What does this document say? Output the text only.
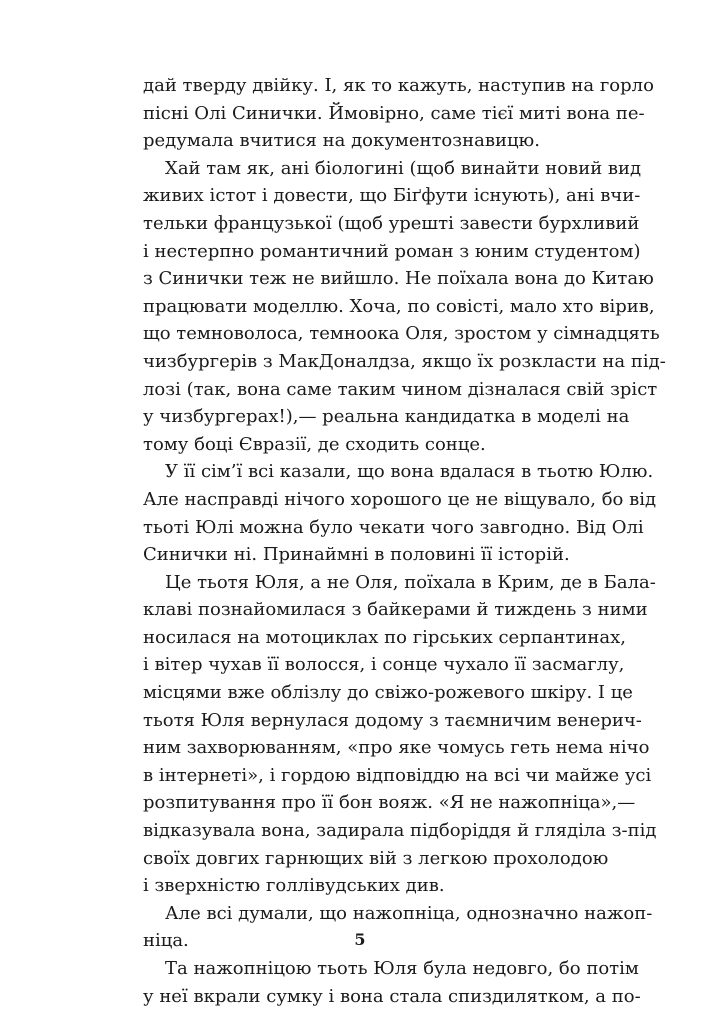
дай тверду двійку. І, як то кажуть, наступив на горло
пісні Олі Синички. Ймовірно, саме тієї миті вона пе-
редумала вчитися на документознавицю.
Хай там як, ані біологині (щоб винайти новий вид
живих істот і довести, що Біґфути існують), ані вчи-
тельки французької (щоб урешті завести бурхливий
і нестерпно романтичний роман з юним студентом)
з Синички теж не вийшло. Не поїхала вона до Китаю
працювати моделлю. Хоча, по совісті, мало хто вірив,
що темноволоса, темноока Оля, зростом у сімнадцять
чизбургерів з МакДоналдза, якщо їх розкласти на під-
лозі (так, вона саме таким чином дізналася свій зріст
у чизбургерах!),— реальна кандидатка в моделі на
тому боці Євразії, де сходить сонце.
У її сім’ї всі казали, що вона вдалася в тьотю Юлю.
Але насправді нічого хорошого це не віщувало, бо від
тьоті Юлі можна було чекати чого завгодно. Від Олі
Синички ні. Принаймні в половині її історій.
Це тьотя Юля, а не Оля, поїхала в Крим, де в Бала-
клаві познайомилася з байкерами й тиждень з ними
носилася на мотоциклах по гірських серпантинах,
і вітер чухав її волосся, і сонце чухало її засмаглу,
місцями вже облізлу до свіжо-рожевого шкіру. І це
тьотя Юля вернулася додому з таємничим венерич-
ним захворюванням, «про яке чомусь геть нема нічо
в інтернеті», і гордою відповіддю на всі чи майже усі
розпитування про її бон вояж. «Я не нажопніца»,—
відказувала вона, задирала підборіддя й гляділа з-під
своїх довгих гарнющих вій з легкою прохолодою
і зверхністю голлівудських див.
Але всі думали, що нажопніца, однозначно нажоп-
ніца.
Та нажопніцою тьоть Юля була недовго, бо потім
у неї вкрали сумку і вона стала спиздилятком, а по-
5
